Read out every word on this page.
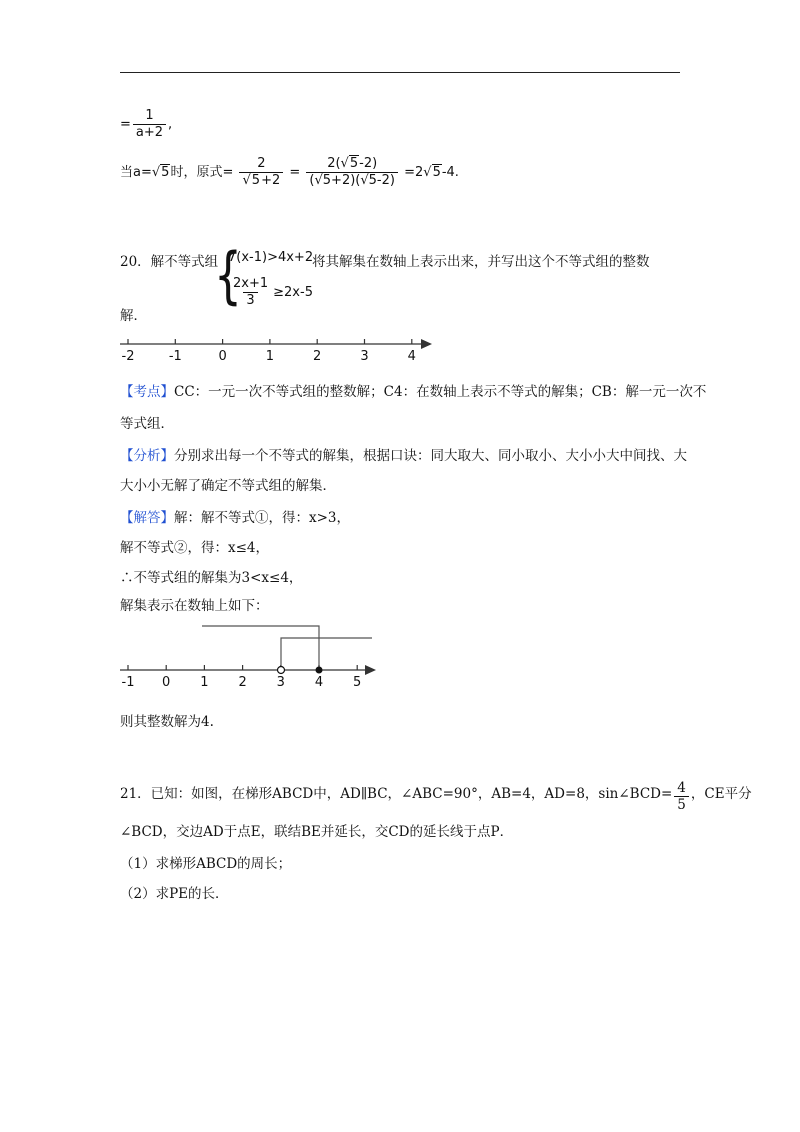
= $\frac{1}{a+2}$ ,
当a=√5时，原式= $\frac{2}{√5+2} = \frac{2(√5-2)}{(√5+2)(√5-2)} =2√5-4$.
20．解不等式组
{
7(x-1)>4x+2
$\frac{2x+1}{3} \ge 2x-5$
将其解集在数轴上表示出来，并写出这个不等式组的整数
解．
-2	-1	0	1	2	3	4
【考点】CC：一元一次不等式组的整数解；C4：在数轴上表示不等式的解集；CB：解一元一次不
等式组．
【分析】分别求出每一个不等式的解集，根据口诀：同大取大、同小取小、大小小大中间找、大
大小小无解了确定不等式组的解集．
【解答】解：解不等式①，得：x>3，
解不等式②，得：x≤4，
∴不等式组的解集为3<x≤4，
解集表示在数轴上如下：
-1 0 1 2 3 4 5
则其整数解为4.
21．已知：如图，在梯形ABCD中，AD∥BC，∠ABC=90°，AB=4，AD=8，sin∠BCD= $\frac{4}{5}$ ，CE平分
∠BCD，交边AD于点E，联结BE并延长，交CD的延长线于点P．
（1）求梯形ABCD的周长；
（2）求PE的长．
